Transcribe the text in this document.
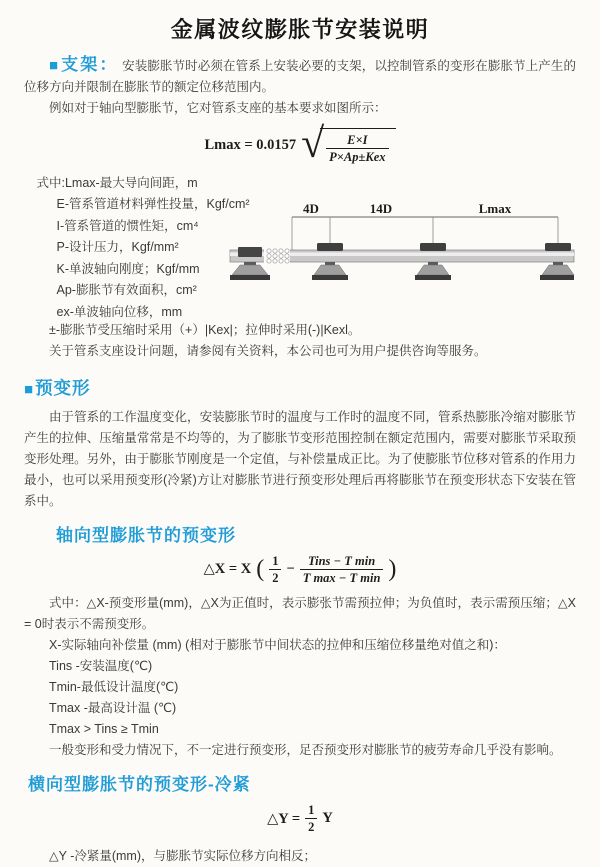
金属波纹膨胀节安装说明

■支架： 安装膨胀节时必须在管系上安装必要的支架，以控制管系的变形在膨胀节上产生的位移方向并限制在膨胀节的额定位移范围内。

例如对于轴向型膨胀节，它对管系支座的基本要求如图所示：

Lmax = 0.0157 √ $\frac{E\times I}{\text{P×Ap±Kex}}$
式中:Lmax-最大导向间距，m
E-管系管道材料弹性投量，Kgf/cm²
I-管系管道的惯性矩，cm⁴
P-设计压力，Kgf/mm²
K-单波轴向刚度；Kgf/mm
Ap-膨胀节有效面积，cm²
ex-单波轴向位移，mm
4D	14D	Lmax

±-膨胀节受压缩时采用（+）|Kex|；拉伸时采用(-)|Kexl。

关于管系支座设计问题，请参阅有关资料，本公司也可为用户提供咨询等服务。

■预变形

由于管系的工作温度变化，安装膨胀节时的温度与工作时的温度不同，管系热膨胀冷缩对膨胀节产生的拉伸、压缩量常常是不均等的，为了膨胀节变形范围控制在额定范围内，需要对膨胀节采取预变形处理。另外，由于膨胀节刚度是一个定值，与补偿量成正比。为了使膨胀节位移对管系的作用力最小，也可以采用预变形(冷紧)方让对膨胀节进行预变形处理后再将膨胀节在预变形状态下安装在管系中。

轴向型膨胀节的预变形
△X = X ( $\frac{1}{2} - \frac{\text{Tins − T min}}{\text{T max − T min}}$ )

式中：△X-预变形量(mm)，△X为正值时，表示膨张节需预拉伸；为负值时，表示需预压缩；△X = 0时表示不需预变形。

X-实际轴向补偿量 (mm) (相对于膨胀节中间状态的拉伸和压缩位移量绝对值之和)：

Tins -安装温度(℃)

Tmin-最低设计温度(℃)

Tmax -最高设计温 (℃)

Tmax > Tins ≥ Tmin

一般变形和受力情况下，不一定进行预变形，足否预变形对膨胀节的疲劳寿命几乎没有影响。

横向型膨胀节的预变形-冷紧
△Y = $\frac{1}{2}$ Y

△Y -冷紧量(mm)，与膨胀节实际位移方向相反；
